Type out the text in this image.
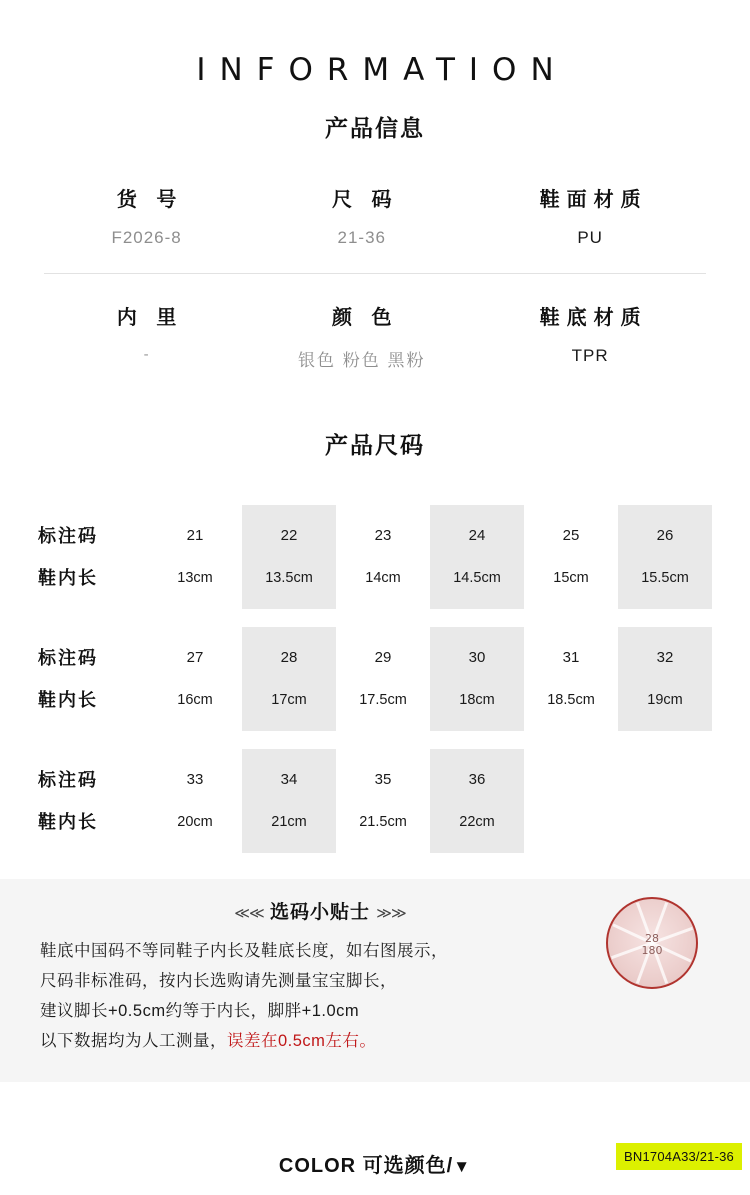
INFORMATION
产品信息
货 号
F2026-8
尺 码
21-36
鞋面材质
PU
内 里
-
颜 色
银色 粉色 黑粉
鞋底材质
TPR
产品尺码
标注码
鞋内长
21
13cm
22
13.5cm
23
14cm
24
14.5cm
25
15cm
26
15.5cm
标注码
鞋内长
27
16cm
28
17cm
29
17.5cm
30
18cm
31
18.5cm
32
19cm
标注码
鞋内长
33
20cm
34
21cm
35
21.5cm
36
22cm
≪≪ 选码小贴士 ≫≫
鞋底中国码不等同鞋子内长及鞋底长度，如右图展示，
尺码非标准码，按内长选购请先测量宝宝脚长，
建议脚长+0.5cm约等于内长，脚胖+1.0cm
以下数据均为人工测量，误差在0.5cm左右。
28
180
COLOR 可选颜色/▼
BN1704A33/21-36
